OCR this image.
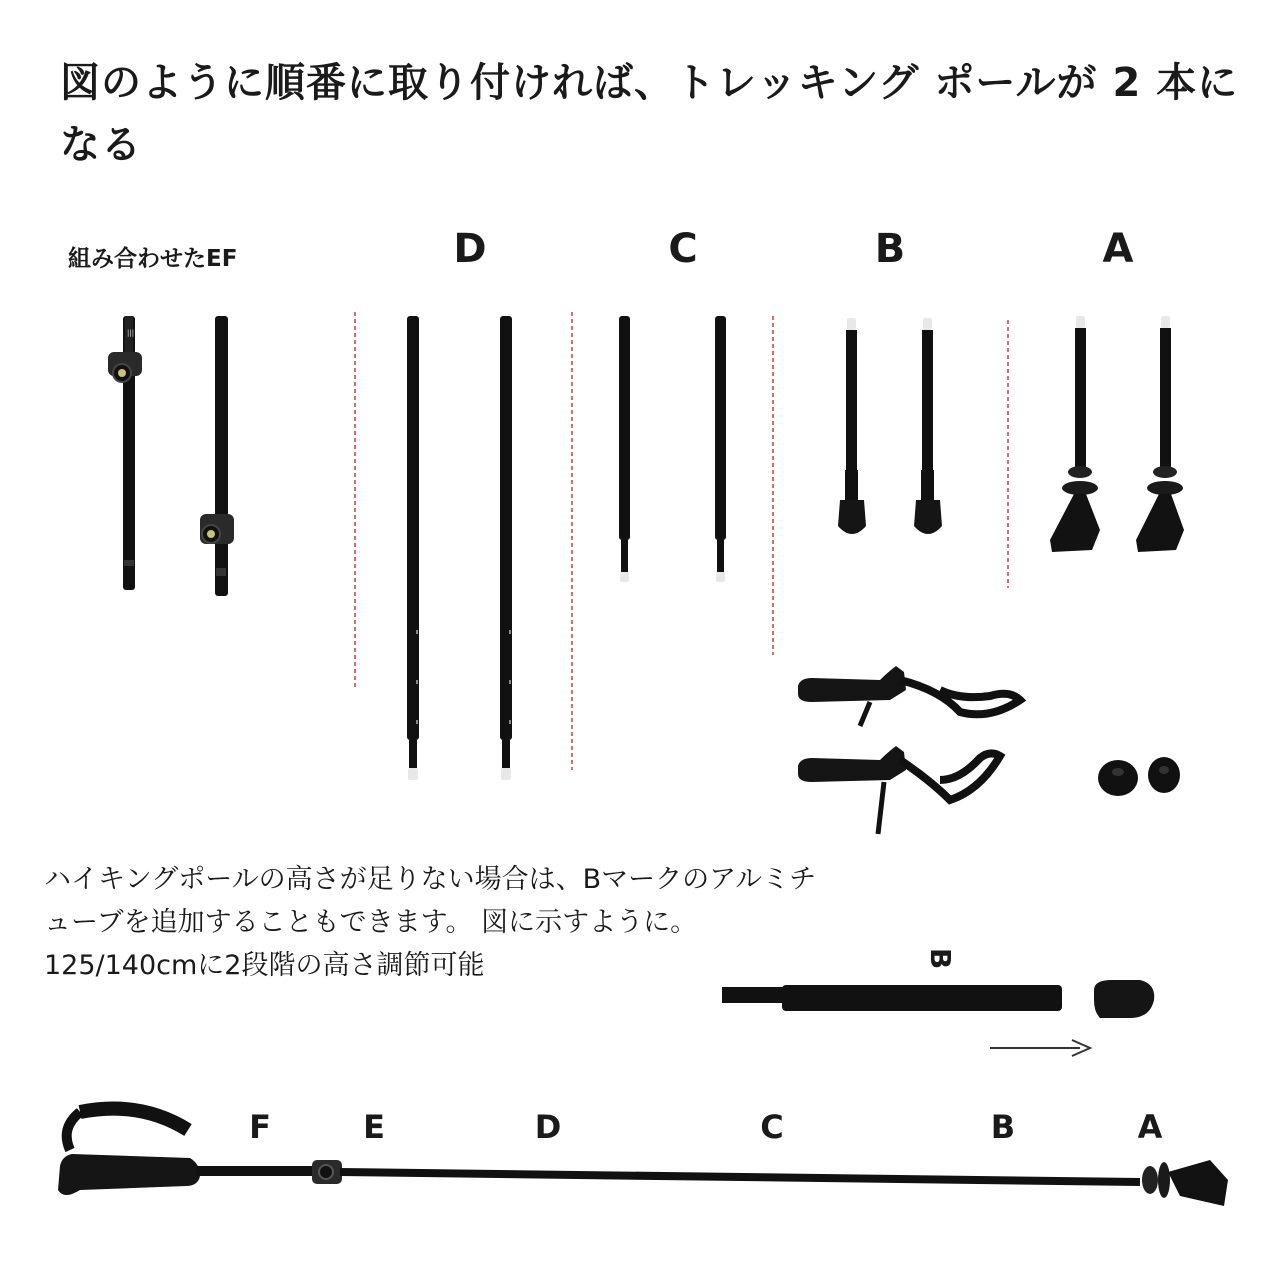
図のように順番に取り付ければ、トレッキング ポールが 2 本になる
組み合わせたEF	D	C	B	A
|||
B
ハイキングポールの高さが足りない場合は、Bマークのアルミチューブを追加することもできます。 図に示すように。125/140cmに2段階の高さ調節可能
F	E	D	C	B	A
